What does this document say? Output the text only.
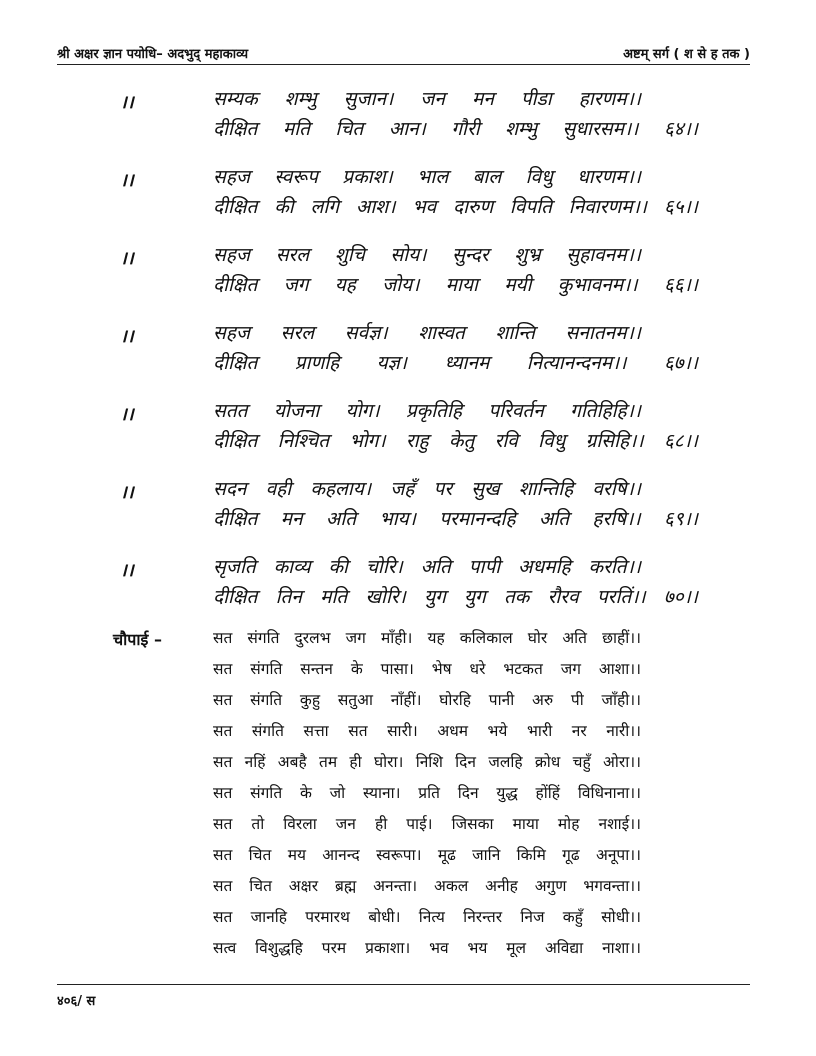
श्री अक्षर ज्ञान पयोधि– अदभुद् महाकाव्य	अष्टम् सर्ग ( श से ह तक )
।।	सम्यक शम्भु सुजान। जन मन पीडा हारणम।।
दीक्षित मति चित आन। गौरी शम्भु सुधारसम।। ६४।।
।।	सहज स्वरूप प्रकाश। भाल बाल विधु धारणम।।
दीक्षित की लगि आश। भव दारुण विपति निवारणम।। ६५।।
।।	सहज सरल शुचि सोय। सुन्दर शुभ्र सुहावनम।।
दीक्षित जग यह जोय। माया मयी कुभावनम।। ६६।।
।।	सहज सरल सर्वज्ञ। शास्वत शान्ति सनातनम।।
दीक्षित प्राणहि यज्ञ। ध्यानम नित्यानन्दनम।। ६७।।
।।	सतत योजना योग। प्रकृतिहि परिवर्तन गतिहिहि।।
दीक्षित निश्चित भोग। राहु केतु रवि विधु ग्रसिहि।। ६८।।
।।	सदन वही कहलाय। जहँ पर सुख शान्तिहि वरषि।।
दीक्षित मन अति भाय। परमानन्दहि अति हरषि।। ६९।।
।।	सृजति काव्य की चोरि। अति पापी अधमहि करति।।
दीक्षित तिन मति खोरि। युग युग तक रौरव परतिं।। ७०।।
चौपाई –	सत संगति दुरलभ जग माँही। यह कलिकाल घोर अति छाहीं।।
सत संगति सन्तन के पासा। भेष धरे भटकत जग आशा।।
सत संगति कुहु सतुआ नाँहीं। घोरहि पानी अरु पी जाँही।।
सत संगति सत्ता सत सारी। अधम भये भारी नर नारी।।
सत नहिं अबहै तम ही घोरा। निशि दिन जलहि क्रोध चहुँ ओरा।।
सत संगति के जो स्याना। प्रति दिन युद्ध होंहिं विधिनाना।।
सत तो विरला जन ही पाई। जिसका माया मोह नशाई।।
सत चित मय आनन्द स्वरूपा। मूढ जानि किमि गूढ अनूपा।।
सत चित अक्षर ब्रह्म अनन्ता। अकल अनीह अगुण भगवन्ता।।
सत जानहि परमारथ बोधी। नित्य निरन्तर निज कहुँ सोधी।।
सत्व विशुद्धहि परम प्रकाशा। भव भय मूल अविद्या नाशा।।
४०६/ स
